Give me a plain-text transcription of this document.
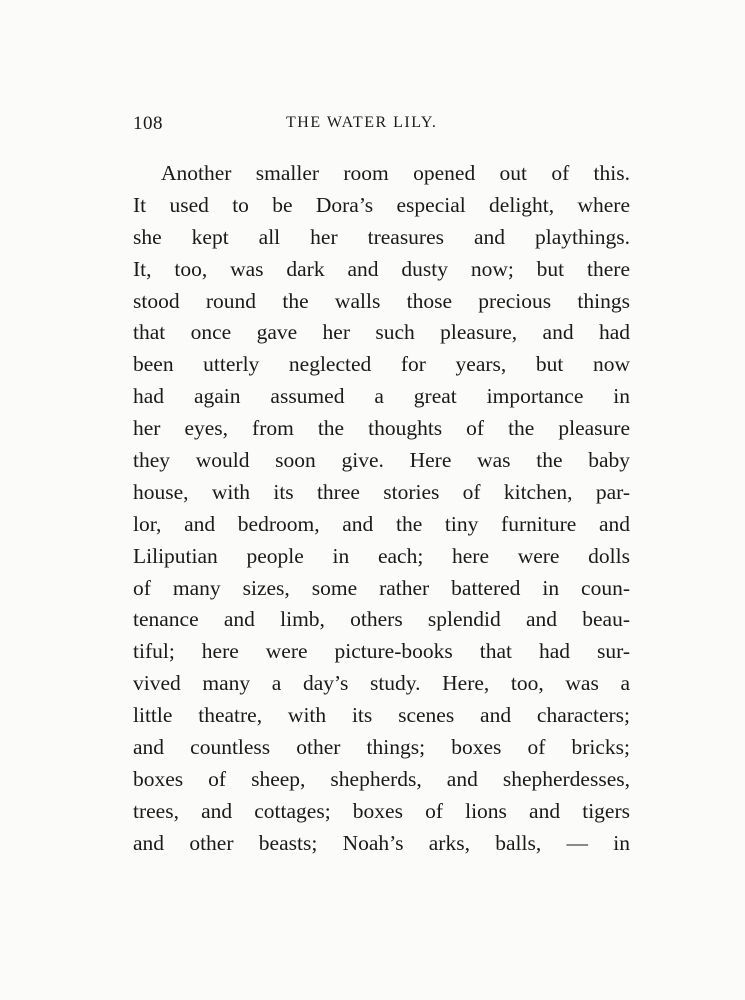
108	THE WATER LILY.
Another smaller room opened out of this.
It used to be Dora’s especial delight, where
she kept all her treasures and playthings.
It, too, was dark and dusty now; but there
stood round the walls those precious things
that once gave her such pleasure, and had
been utterly neglected for years, but now
had again assumed a great importance in
her eyes, from the thoughts of the pleasure
they would soon give. Here was the baby
house, with its three stories of kitchen, par-
lor, and bedroom, and the tiny furniture and
Liliputian people in each; here were dolls
of many sizes, some rather battered in coun-
tenance and limb, others splendid and beau-
tiful; here were picture-books that had sur-
vived many a day’s study. Here, too, was a
little theatre, with its scenes and characters;
and countless other things; boxes of bricks;
boxes of sheep, shepherds, and shepherdesses,
trees, and cottages; boxes of lions and tigers
and other beasts; Noah’s arks, balls, — in
